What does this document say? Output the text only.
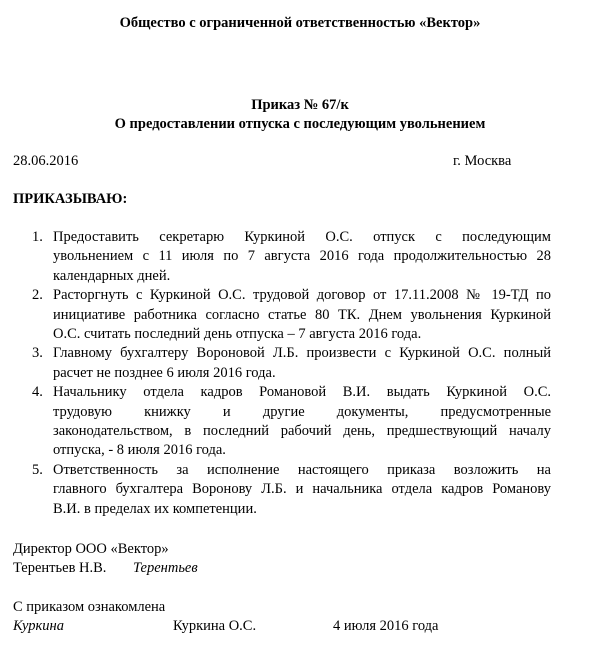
Общество с ограниченной ответственностью «Вектор»
Приказ № 67/к
О предоставлении отпуска с последующим увольнением
28.06.2016	г. Москва
ПРИКАЗЫВАЮ:
1. Предоставить секретарю Куркиной О.С. отпуск с последующим
увольнением с 11 июля по 7 августа 2016 года продолжительностью 28
календарных дней.
2. Расторгнуть с Куркиной О.С. трудовой договор от 17.11.2008 № 19-ТД по
инициативе работника согласно статье 80 ТК. Днем увольнения Куркиной
О.С. считать последний день отпуска – 7 августа 2016 года.
3. Главному бухгалтеру Вороновой Л.Б. произвести с Куркиной О.С. полный
расчет не позднее 6 июля 2016 года.
4. Начальнику отдела кадров Романовой В.И. выдать Куркиной О.С.
трудовую книжку и другие документы, предусмотренные
законодательством, в последний рабочий день, предшествующий началу
отпуска, - 8 июля 2016 года.
5. Ответственность за исполнение настоящего приказа возложить на
главного бухгалтера Воронову Л.Б. и начальника отдела кадров Романову
В.И. в пределах их компетенции.
Директор ООО «Вектор»
Терентьев Н.В. Терентьев
С приказом ознакомлена
Куркина	Куркина О.С.	4 июля 2016 года
